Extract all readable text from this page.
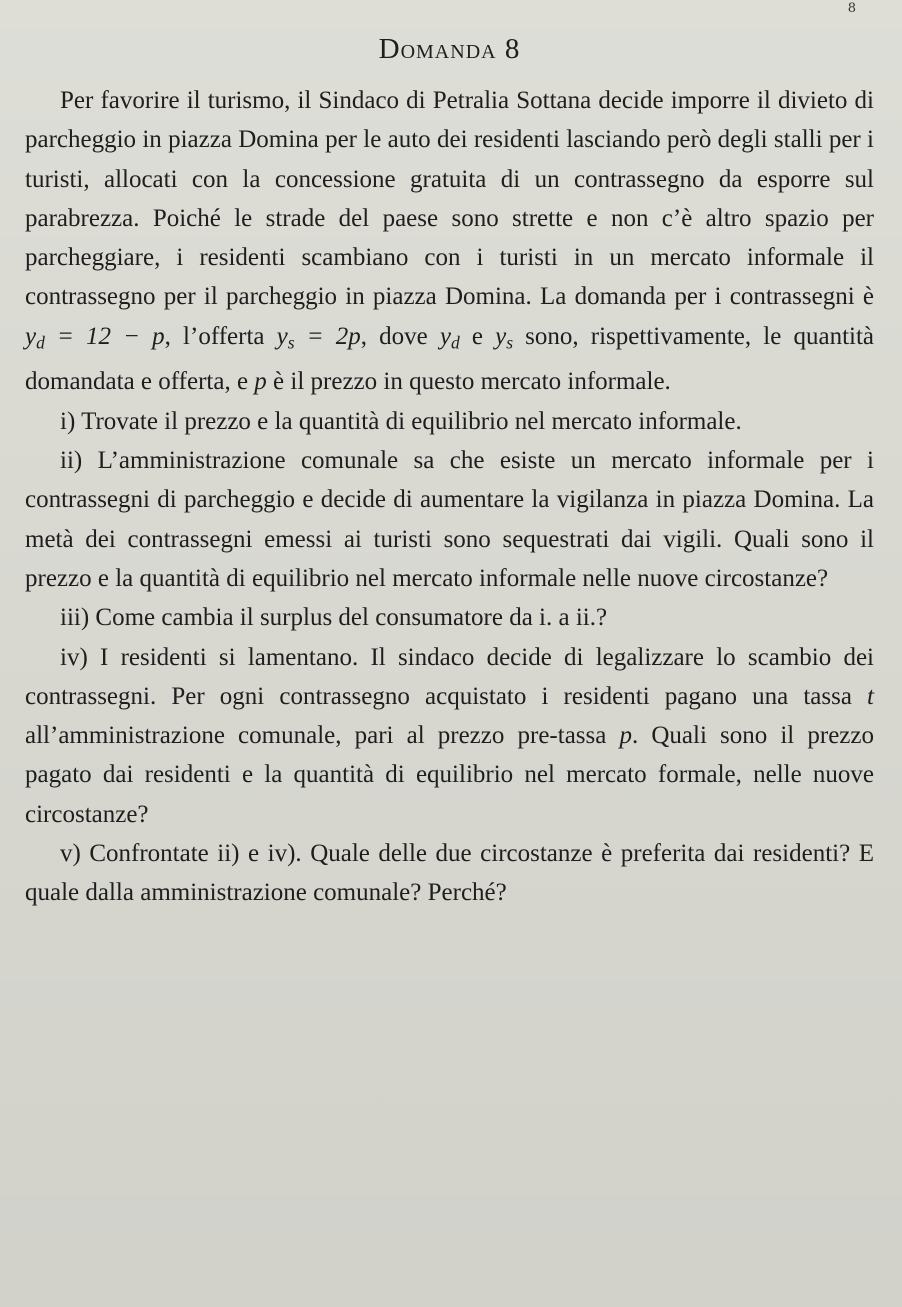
8
Domanda 8

Per favorire il turismo, il Sindaco di Petralia Sottana decide imporre il divieto di parcheggio in piazza Domina per le auto dei residenti lasciando però degli stalli per i turisti, allocati con la concessione gratuita di un contrassegno da esporre sul parabrezza. Poiché le strade del paese sono strette e non c’è altro spazio per parcheggiare, i residenti scambiano con i turisti in un mercato informale il contrassegno per il parcheggio in piazza Domina. La domanda per i contrassegni è $y_d = 12 - p$, l’offerta $y_s = 2p$, dove $y_d$ e $y_s$ sono, rispettivamente, le quantità domandata e offerta, e p è il prezzo in questo mercato informale.

i) Trovate il prezzo e la quantità di equilibrio nel mercato informale.

ii) L’amministrazione comunale sa che esiste un mercato informale per i contrassegni di parcheggio e decide di aumentare la vigilanza in piazza Domina. La metà dei contrassegni emessi ai turisti sono sequestrati dai vigili. Quali sono il prezzo e la quantità di equilibrio nel mercato informale nelle nuove circostanze?

iii) Come cambia il surplus del consumatore da i. a ii.?

iv) I residenti si lamentano. Il sindaco decide di legalizzare lo scambio dei contrassegni. Per ogni contrassegno acquistato i residenti pagano una tassa t all’amministrazione comunale, pari al prezzo pre-tassa p. Quali sono il prezzo pagato dai residenti e la quantità di equilibrio nel mercato formale, nelle nuove circostanze?

v) Confrontate ii) e iv). Quale delle due circostanze è preferita dai residenti? E quale dalla amministrazione comunale? Perché?
